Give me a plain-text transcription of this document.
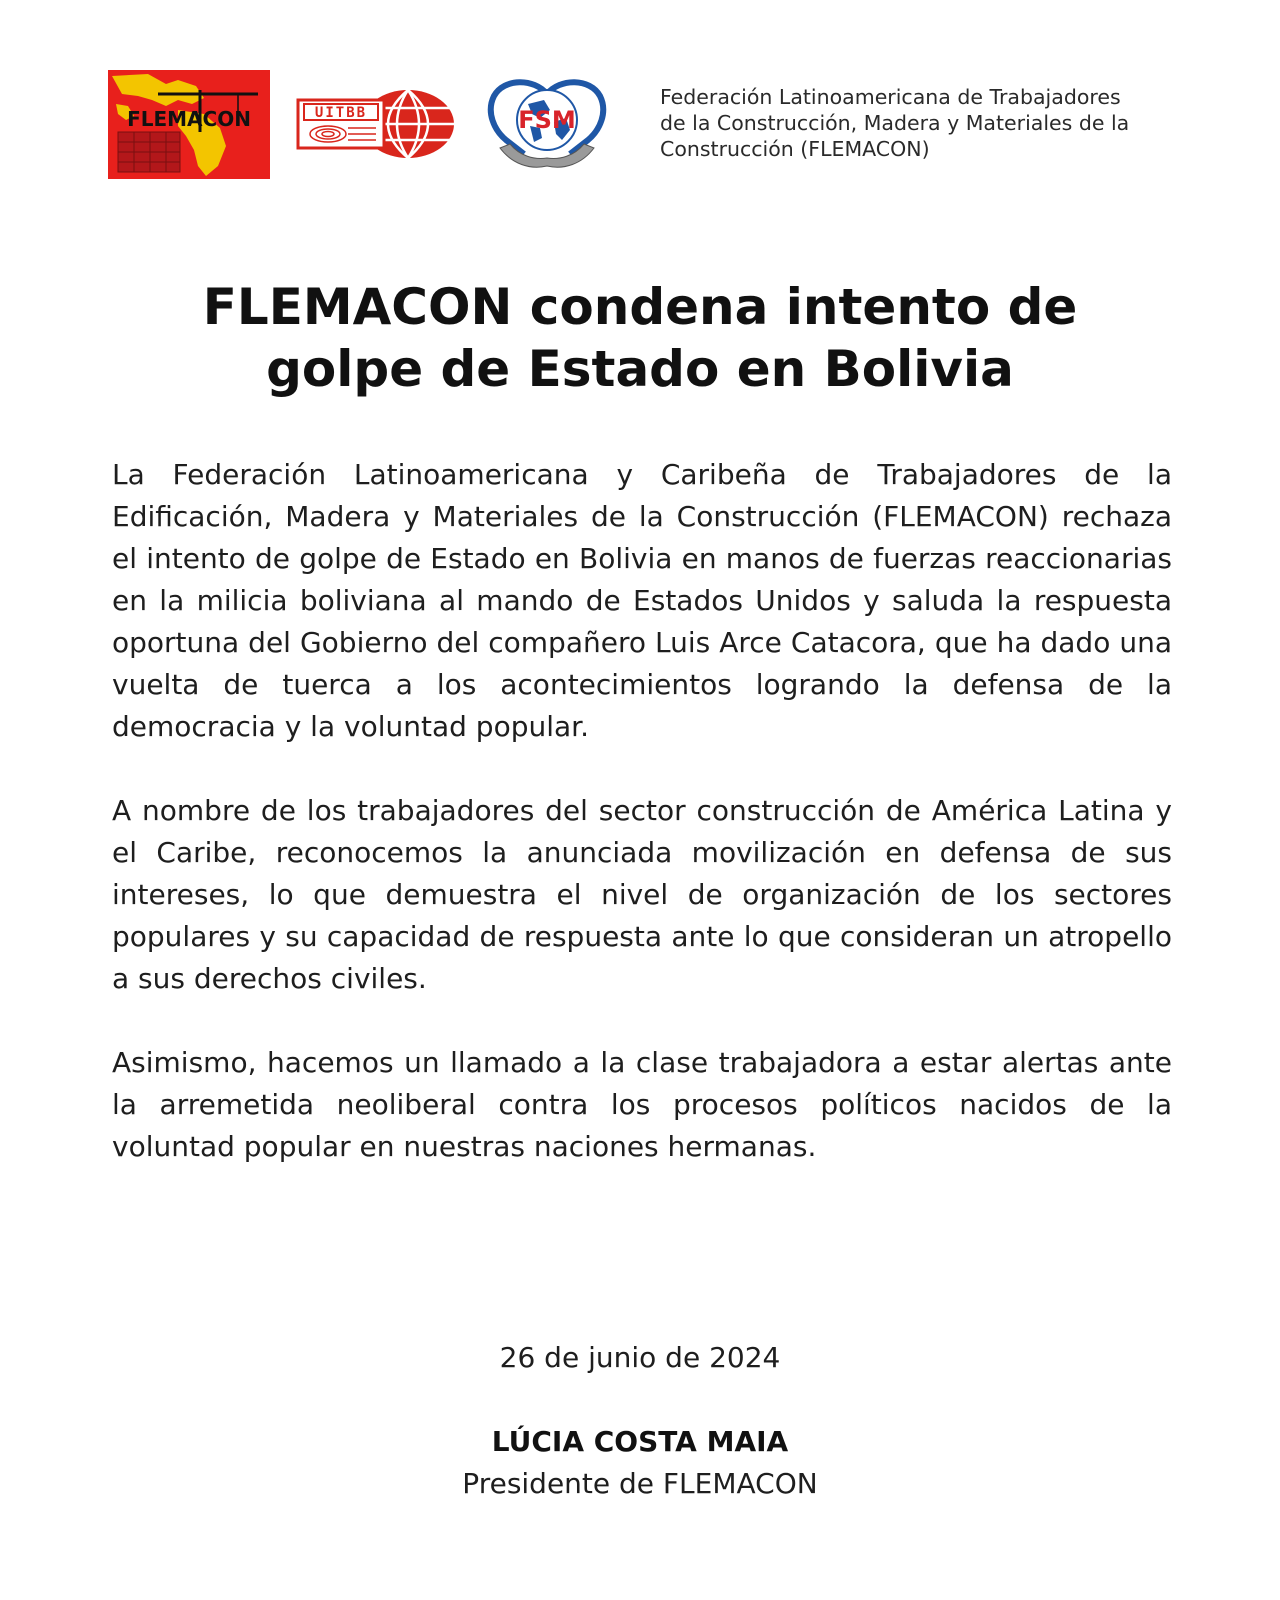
FLEMACON	UITBB	FSM

Federación Latinoamericana de Trabajadores
de la Construcción, Madera y Materiales de la
Construcción (FLEMACON)

FLEMACON condena intento de
golpe de Estado en Bolivia

La Federación Latinoamericana y Caribeña de Trabajadores de la Edificación, Madera y Materiales de la Construcción (FLEMACON) rechaza el intento de golpe de Estado en Bolivia en manos de fuerzas reaccionarias en la milicia boliviana al mando de Estados Unidos y saluda la respuesta oportuna del Gobierno del compañero Luis Arce Catacora, que ha dado una vuelta de tuerca a los acontecimientos logrando la defensa de la democracia y la voluntad popular.

A nombre de los trabajadores del sector construcción de América Latina y el Caribe, reconocemos la anunciada movilización en defensa de sus intereses, lo que demuestra el nivel de organización de los sectores populares y su capacidad de respuesta ante lo que consideran un atropello a sus derechos civiles.

Asimismo, hacemos un llamado a la clase trabajadora a estar alertas ante la arremetida neoliberal contra los procesos políticos nacidos de la voluntad popular en nuestras naciones hermanas.

26 de junio de 2024

LÚCIA COSTA MAIA

Presidente de FLEMACON
